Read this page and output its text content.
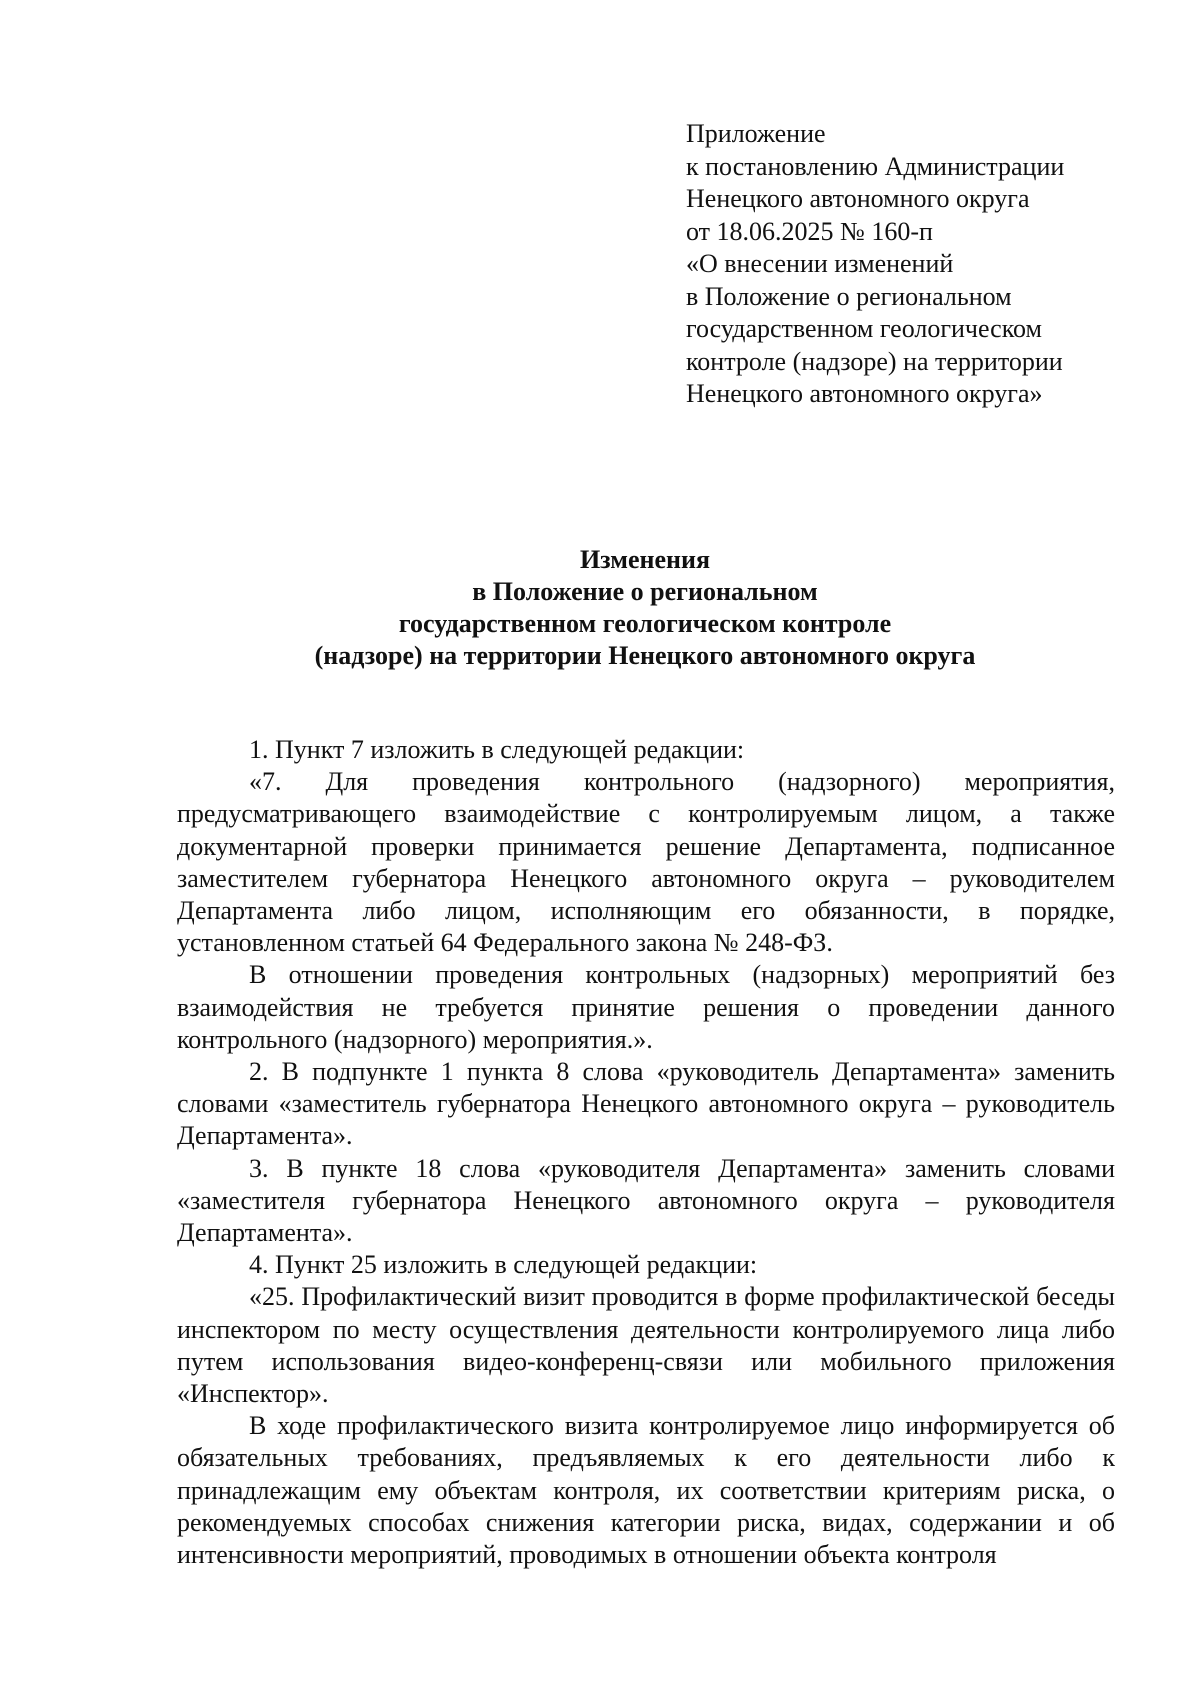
Приложение
к постановлению Администрации
Ненецкого автономного округа
от 18.06.2025 № 160-п
«О внесении изменений
в Положение о региональном
государственном геологическом
контроле (надзоре) на территории
Ненецкого автономного округа»
Изменения
в Положение о региональном
государственном геологическом контроле
(надзоре) на территории Ненецкого автономного округа

1. Пункт 7 изложить в следующей редакции:

«7. Для проведения контрольного (надзорного) мероприятия, предусматривающего взаимодействие с контролируемым лицом, а также документарной проверки принимается решение Департамента, подписанное заместителем губернатора Ненецкого автономного округа – руководителем Департамента либо лицом, исполняющим его обязанности, в порядке, установленном статьей 64 Федерального закона № 248-ФЗ.

В отношении проведения контрольных (надзорных) мероприятий без взаимодействия не требуется принятие решения о проведении данного контрольного (надзорного) мероприятия.».

2. В подпункте 1 пункта 8 слова «руководитель Департамента» заменить словами «заместитель губернатора Ненецкого автономного округа – руководитель Департамента».

3. В пункте 18 слова «руководителя Департамента» заменить словами «заместителя губернатора Ненецкого автономного округа – руководителя Департамента».

4. Пункт 25 изложить в следующей редакции:

«25. Профилактический визит проводится в форме профилактической беседы инспектором по месту осуществления деятельности контролируемого лица либо путем использования видео-конференц-связи или мобильного приложения «Инспектор».

В ходе профилактического визита контролируемое лицо информируется об обязательных требованиях, предъявляемых к его деятельности либо к принадлежащим ему объектам контроля, их соответствии критериям риска, о рекомендуемых способах снижения категории риска, видах, содержании и об интенсивности мероприятий, проводимых в отношении объекта контроля
